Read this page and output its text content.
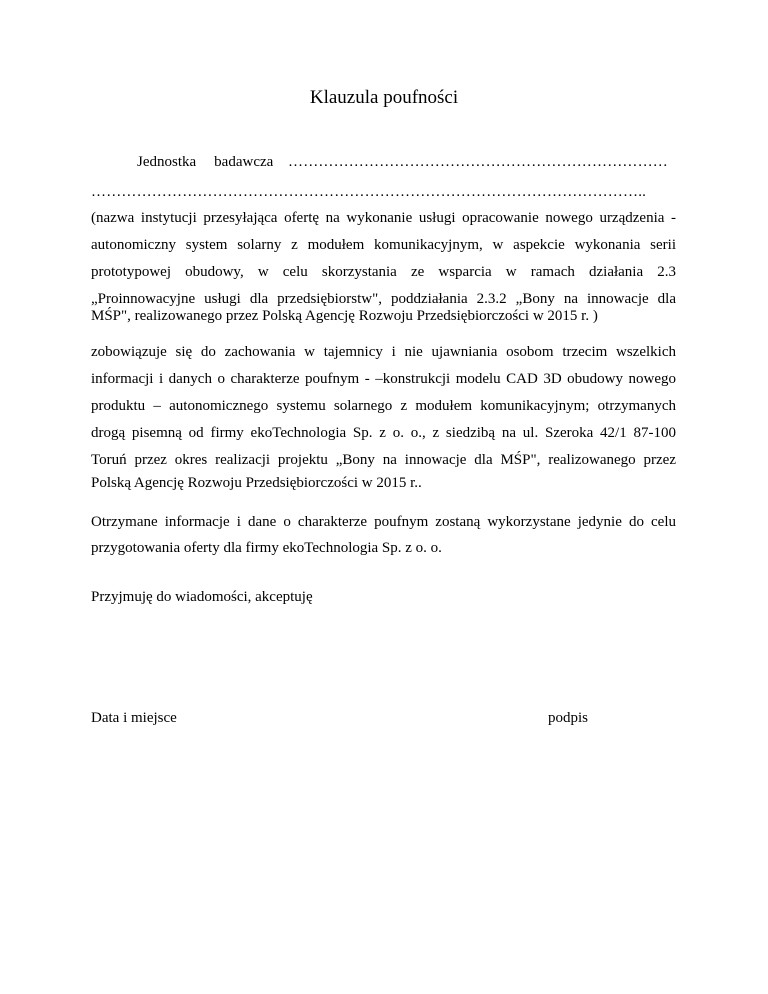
Klauzula poufności
Jednostka badawcza …………………………………………………………………
………………………………………………………………………………………………..
(nazwa instytucji przesyłająca ofertę na wykonanie usługi opracowanie nowego urządzenia -
autonomiczny system solarny z modułem komunikacyjnym, w aspekcie wykonania serii
prototypowej obudowy, w celu skorzystania ze wsparcia w ramach działania 2.3
„Proinnowacyjne usługi dla przedsiębiorstw", poddziałania 2.3.2 „Bony na innowacje dla
MŚP", realizowanego przez Polską Agencję Rozwoju Przedsiębiorczości w 2015 r. )
zobowiązuje się do zachowania w tajemnicy i nie ujawniania osobom trzecim wszelkich
informacji i danych o charakterze poufnym - –konstrukcji modelu CAD 3D obudowy nowego
produktu – autonomicznego systemu solarnego z modułem komunikacyjnym; otrzymanych
drogą pisemną od firmy ekoTechnologia Sp. z o. o., z siedzibą na ul. Szeroka 42/1 87-100
Toruń przez okres realizacji projektu „Bony na innowacje dla MŚP", realizowanego przez
Polską Agencję Rozwoju Przedsiębiorczości w 2015 r..
Otrzymane informacje i dane o charakterze poufnym zostaną wykorzystane jedynie do celu
przygotowania oferty dla firmy ekoTechnologia Sp. z o. o.
Przyjmuję do wiadomości, akceptuję
Data i miejsce	podpis
